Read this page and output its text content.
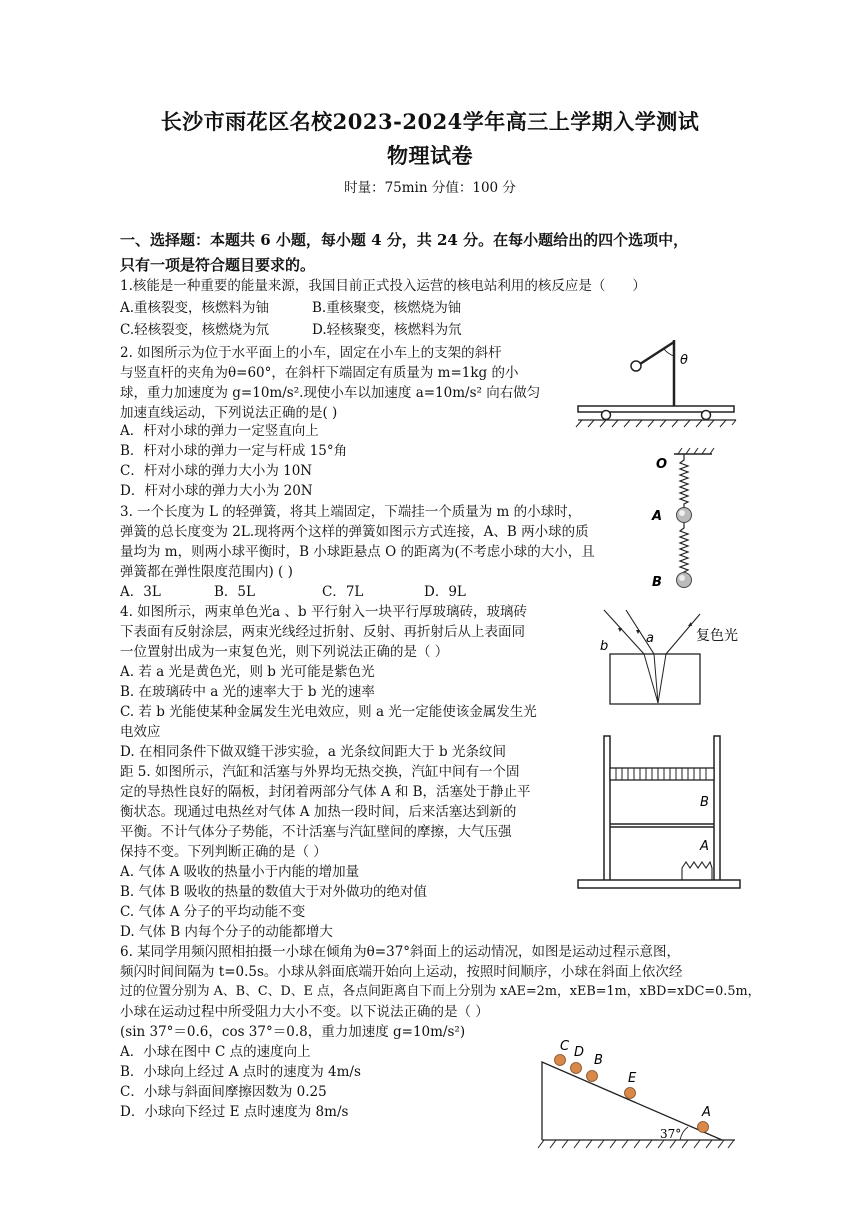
长沙市雨花区名校2023-2024学年高三上学期入学测试
物理试卷
时量：75min 分值：100 分
一、选择题：本题共 6 小题，每小题 4 分，共 24 分。在每小题给出的四个选项中，
只有一项是符合题目要求的。
1.核能是一种重要的能量来源，我国目前正式投入运营的核电站利用的核反应是（　　）
A.重核裂变，核燃料为铀	B.重核聚变，核燃烧为铀
C.轻核裂变，核燃烧为氘	D.轻核聚变，核燃料为氘
2. 如图所示为位于水平面上的小车，固定在小车上的支架的斜杆
与竖直杆的夹角为θ=60°，在斜杆下端固定有质量为 m=1kg 的小
球，重力加速度为 g=10m/s².现使小车以加速度 a=10m/s² 向右做匀
加速直线运动，下列说法正确的是( )
A．杆对小球的弹力一定竖直向上
B．杆对小球的弹力一定与杆成 15°角
C．杆对小球的弹力大小为 10N
D．杆对小球的弹力大小为 20N
3. 一个长度为 L 的轻弹簧，将其上端固定，下端挂一个质量为 m 的小球时，
弹簧的总长度变为 2L.现将两个这样的弹簧如图示方式连接，A、B 两小球的质
量均为 m，则两小球平衡时，B 小球距悬点 O 的距离为(不考虑小球的大小，且
弹簧都在弹性限度范围内) ( )
A．3L	B．5L	C．7L	D．9L
4. 如图所示，两束单色光a 、b 平行射入一块平行厚玻璃砖，玻璃砖
下表面有反射涂层，两束光线经过折射、反射、再折射后从上表面同
一位置射出成为一束复色光，则下列说法正确的是（ ）
A. 若 a 光是黄色光，则 b 光可能是紫色光
B. 在玻璃砖中 a 光的速率大于 b 光的速率
C. 若 b 光能使某种金属发生光电效应，则 a 光一定能使该金属发生光
电效应
D. 在相同条件下做双缝干涉实验，a 光条纹间距大于 b 光条纹间
距 5. 如图所示，汽缸和活塞与外界均无热交换，汽缸中间有一个固
定的导热性良好的隔板，封闭着两部分气体 A 和 B，活塞处于静止平
衡状态。现通过电热丝对气体 A 加热一段时间，后来活塞达到新的
平衡。不计气体分子势能，不计活塞与汽缸壁间的摩擦，大气压强
保持不变。下列判断正确的是（ ）
A. 气体 A 吸收的热量小于内能的增加量
B. 气体 B 吸收的热量的数值大于对外做功的绝对值
C. 气体 A 分子的平均动能不变
D. 气体 B 内每个分子的动能都增大
6. 某同学用频闪照相拍摄一小球在倾角为θ=37°斜面上的运动情况，如图是运动过程示意图，
频闪时间间隔为 t=0.5s。小球从斜面底端开始向上运动，按照时间顺序，小球在斜面上依次经
过的位置分别为 A、B、C、D、E 点，各点间距离自下而上分别为 xAE=2m，xEB=1m，xBD=xDC=0.5m，
小球在运动过程中所受阻力大小不变。以下说法正确的是（ ）
(sin 37°＝0.6，cos 37°＝0.8，重力加速度 g=10m/s²)
A．小球在图中 C 点的速度向上
B．小球向上经过 A 点时的速度为 4m/s
C．小球与斜面间摩擦因数为 0.25
D．小球向下经过 E 点时速度为 8m/s
θ
O
A
B
b
a	复色光
B
A
C D
B
E
A
37°
